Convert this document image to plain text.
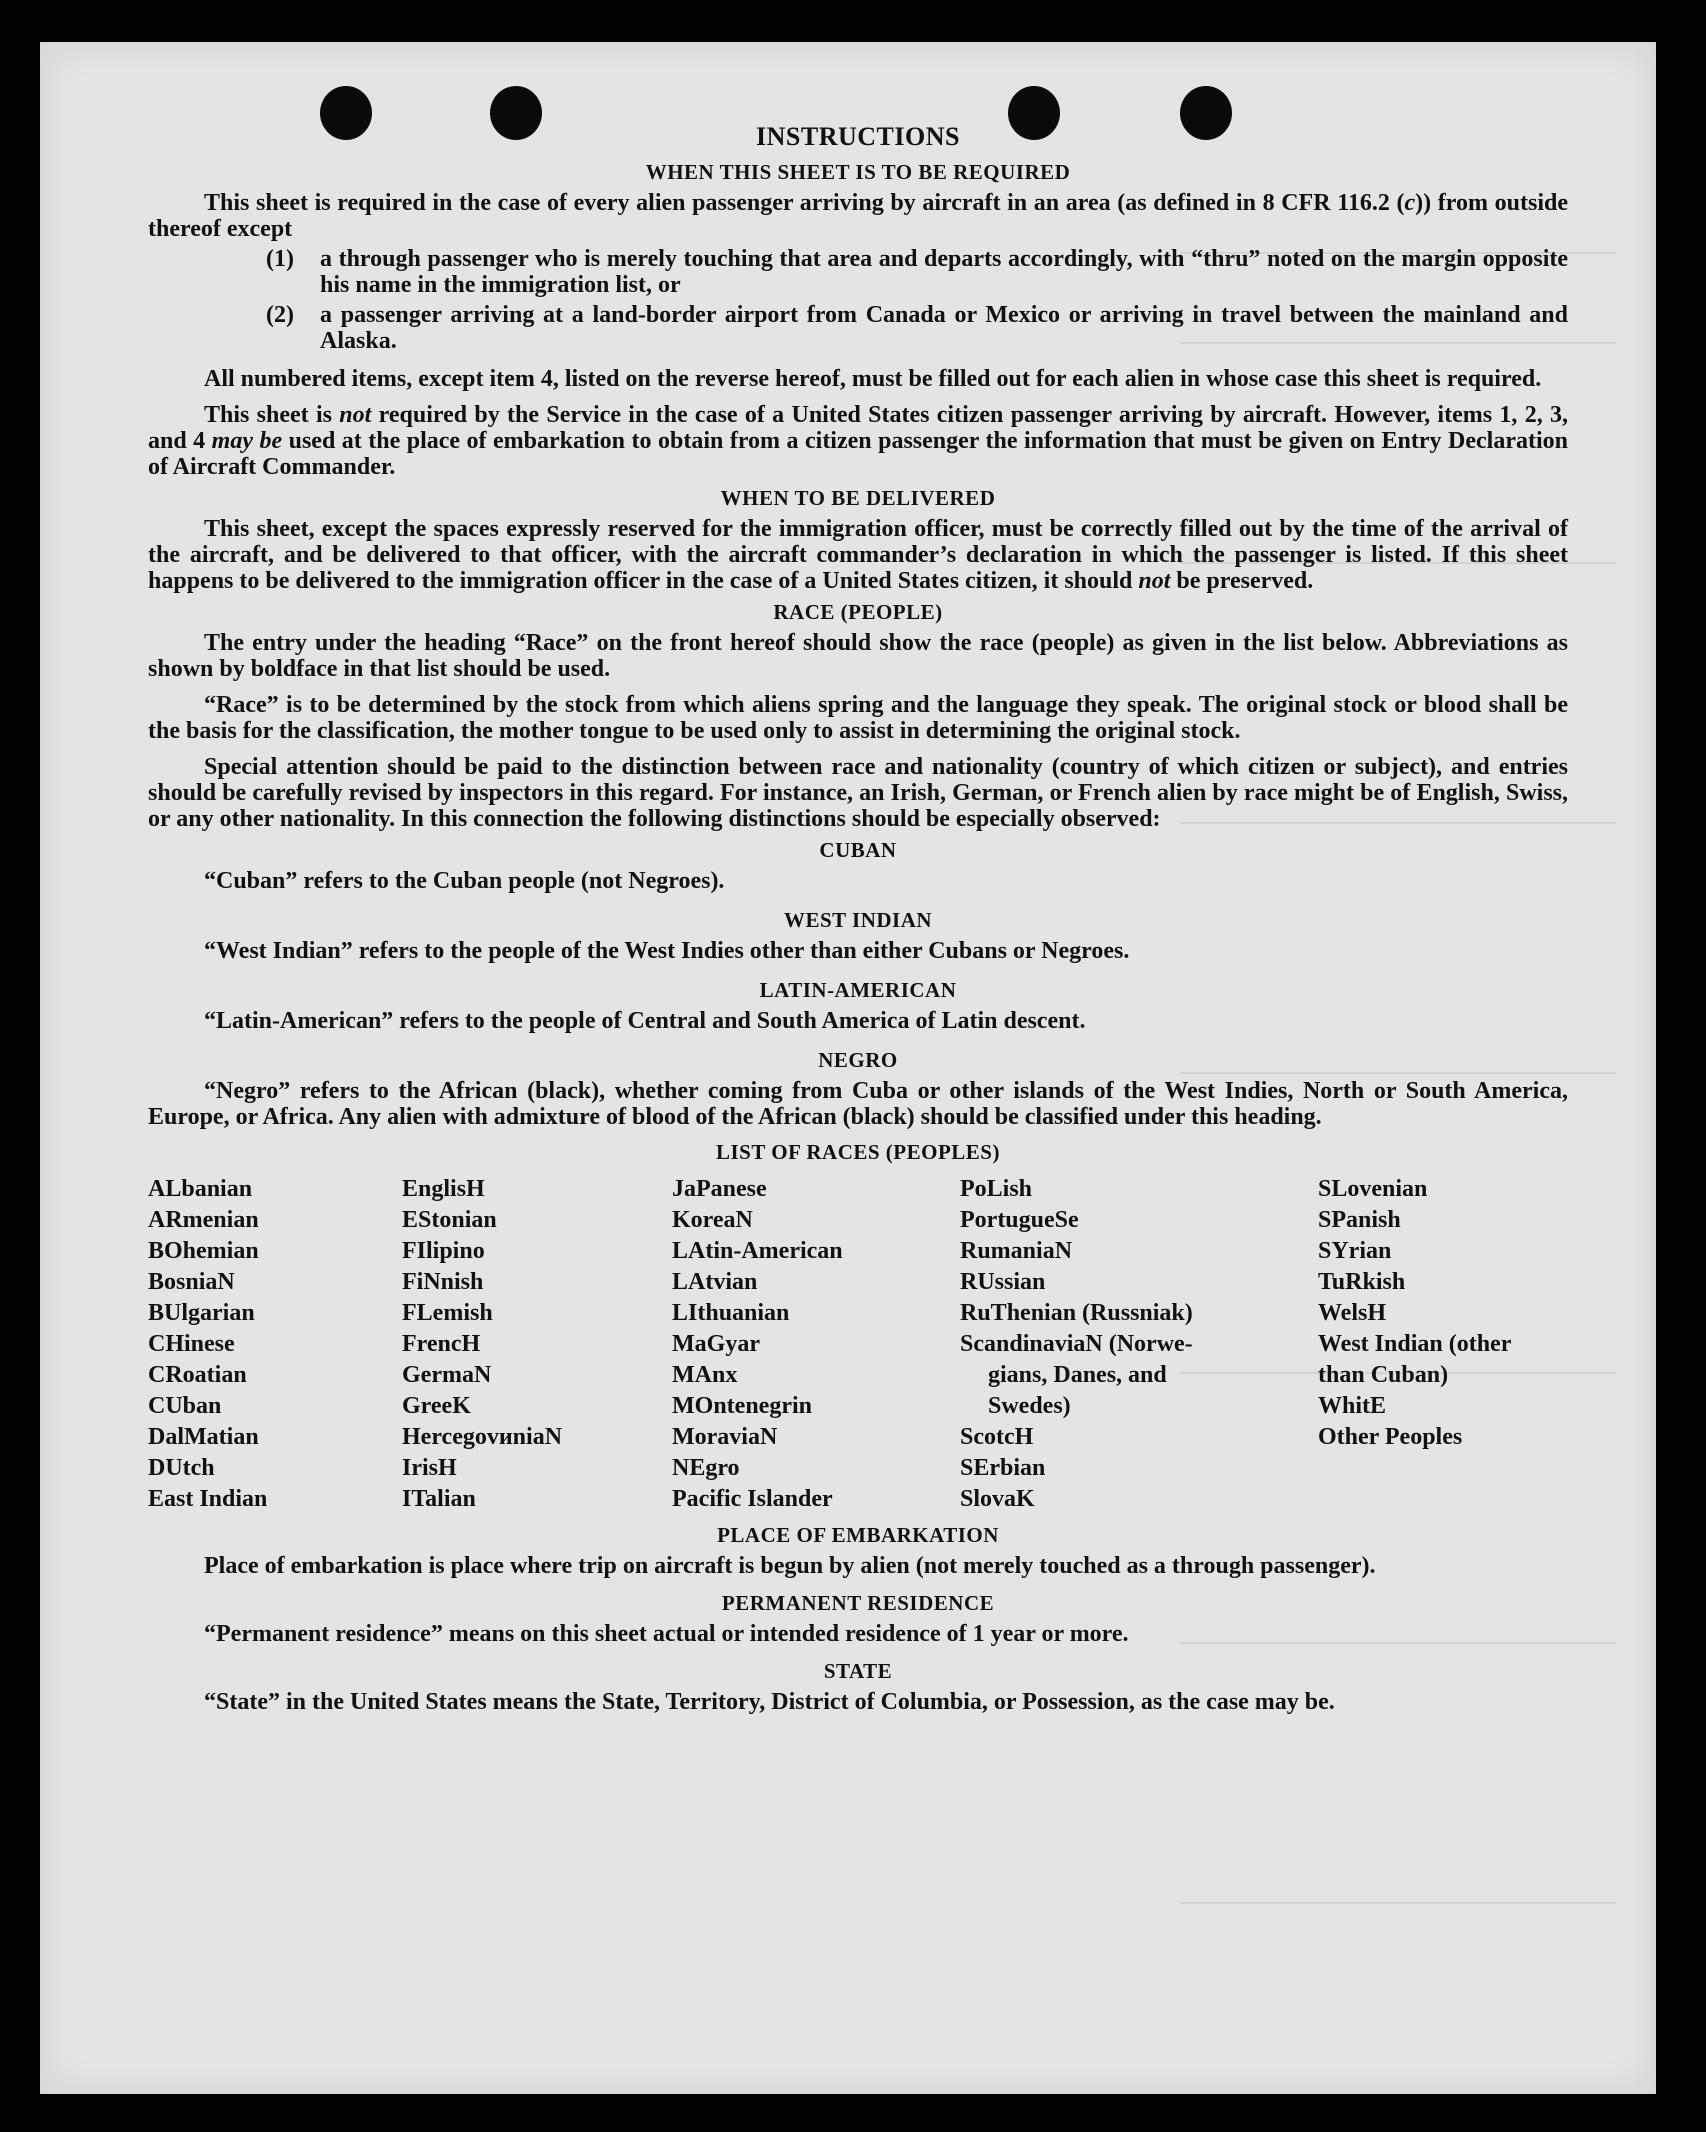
INSTRUCTIONS
WHEN THIS SHEET IS TO BE REQUIRED

This sheet is required in the case of every alien passenger arriving by aircraft in an area (as defined in 8 CFR 116.2 (c)) from outside thereof except

(1)	a through passenger who is merely touching that area and departs accordingly, with “thru” noted on the margin opposite his name in the immigration list, or
(2)	a passenger arriving at a land-border airport from Canada or Mexico or arriving in travel between the mainland and Alaska.

All numbered items, except item 4, listed on the reverse hereof, must be filled out for each alien in whose case this sheet is required.

This sheet is not required by the Service in the case of a United States citizen passenger arriving by aircraft. However, items 1, 2, 3, and 4 may be used at the place of embarkation to obtain from a citizen passenger the information that must be given on Entry Declaration of Aircraft Commander.

WHEN TO BE DELIVERED

This sheet, except the spaces expressly reserved for the immigration officer, must be correctly filled out by the time of the arrival of the aircraft, and be delivered to that officer, with the aircraft commander’s declaration in which the passenger is listed. If this sheet happens to be delivered to the immigration officer in the case of a United States citizen, it should not be preserved.

RACE (PEOPLE)

The entry under the heading “Race” on the front hereof should show the race (people) as given in the list below. Abbreviations as shown by boldface in that list should be used.

“Race” is to be determined by the stock from which aliens spring and the language they speak. The original stock or blood shall be the basis for the classification, the mother tongue to be used only to assist in determining the original stock.

Special attention should be paid to the distinction between race and nationality (country of which citizen or subject), and entries should be carefully revised by inspectors in this regard. For instance, an Irish, German, or French alien by race might be of English, Swiss, or any other nationality. In this connection the following distinctions should be especially observed:

CUBAN

“Cuban” refers to the Cuban people (not Negroes).

WEST INDIAN

“West Indian” refers to the people of the West Indies other than either Cubans or Negroes.

LATIN-AMERICAN

“Latin-American” refers to the people of Central and South America of Latin descent.

NEGRO

“Negro” refers to the African (black), whether coming from Cuba or other islands of the West Indies, North or South America, Europe, or Africa. Any alien with admixture of blood of the African (black) should be classified under this heading.

LIST OF RACES (PEOPLES)
ALbanian
ARmenian
BOhemian
BosniaN
BUlgarian
CHinese
CRoatian
CUban
DalMatian
DUtch
East Indian
EnglisH
EStonian
FIlipino
FiNnish
FLemish
FrencH
GermaN
GreeK
HercegovиniaN
IrisH
ITalian
JaPanese
KoreaN
LAtin-American
LAtvian
LIthuanian
MaGyar
MAnx
MOntenegrin
MoraviaN
NEgro
Pacific Islander
PoLish
PortugueSe
RumaniaN
RUssian
RuThenian (Russniak)
ScandinaviaN (Norwe-
gians, Danes, and
Swedes)
ScotcH
SErbian
SlovaK
SLovenian
SPanish
SYrian
TuRkish
WelsH
West Indian (other
than Cuban)
WhitE
Other Peoples
PLACE OF EMBARKATION

Place of embarkation is place where trip on aircraft is begun by alien (not merely touched as a through passenger).

PERMANENT RESIDENCE

“Permanent residence” means on this sheet actual or intended residence of 1 year or more.

STATE

“State” in the United States means the State, Territory, District of Columbia, or Possession, as the case may be.
